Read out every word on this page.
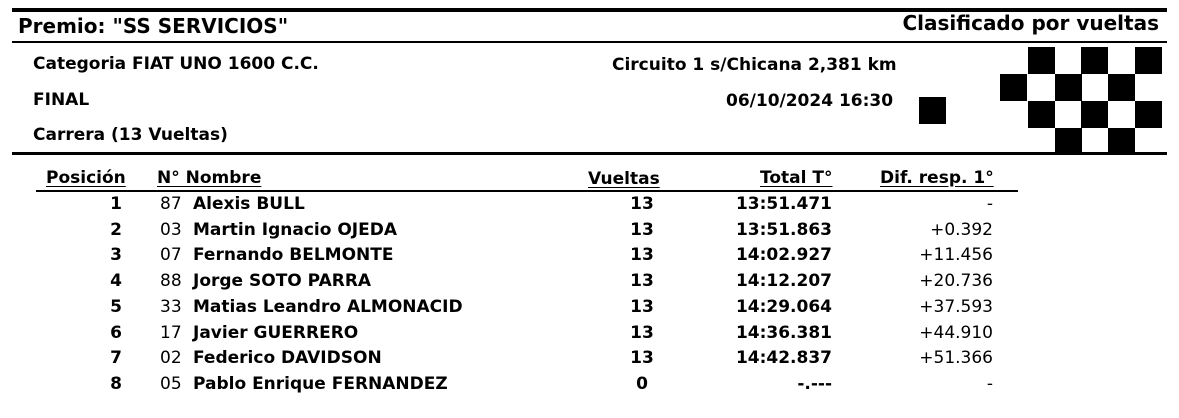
Premio: "SS SERVICIOS"	Clasificado por vueltas
Categoria FIAT UNO 1600 C.C.	Circuito 1 s/Chicana 2,381 km
FINAL	06/10/2024 16:30
Carrera (13 Vueltas)
Posición N° Nombre	Vueltas	Total T°	Dif. resp. 1°
1 87 Alexis BULL	13	13:51.471	-
2 03 Martin Ignacio OJEDA	13	13:51.863	+0.392
3 07 Fernando BELMONTE	13	14:02.927	+11.456
4 88 Jorge SOTO PARRA	13	14:12.207	+20.736
5 33 Matias Leandro ALMONACID	13	14:29.064	+37.593
6 17 Javier GUERRERO	13	14:36.381	+44.910
7 02 Federico DAVIDSON	13	14:42.837	+51.366
8 05 Pablo Enrique FERNANDEZ	0	-.---	-
